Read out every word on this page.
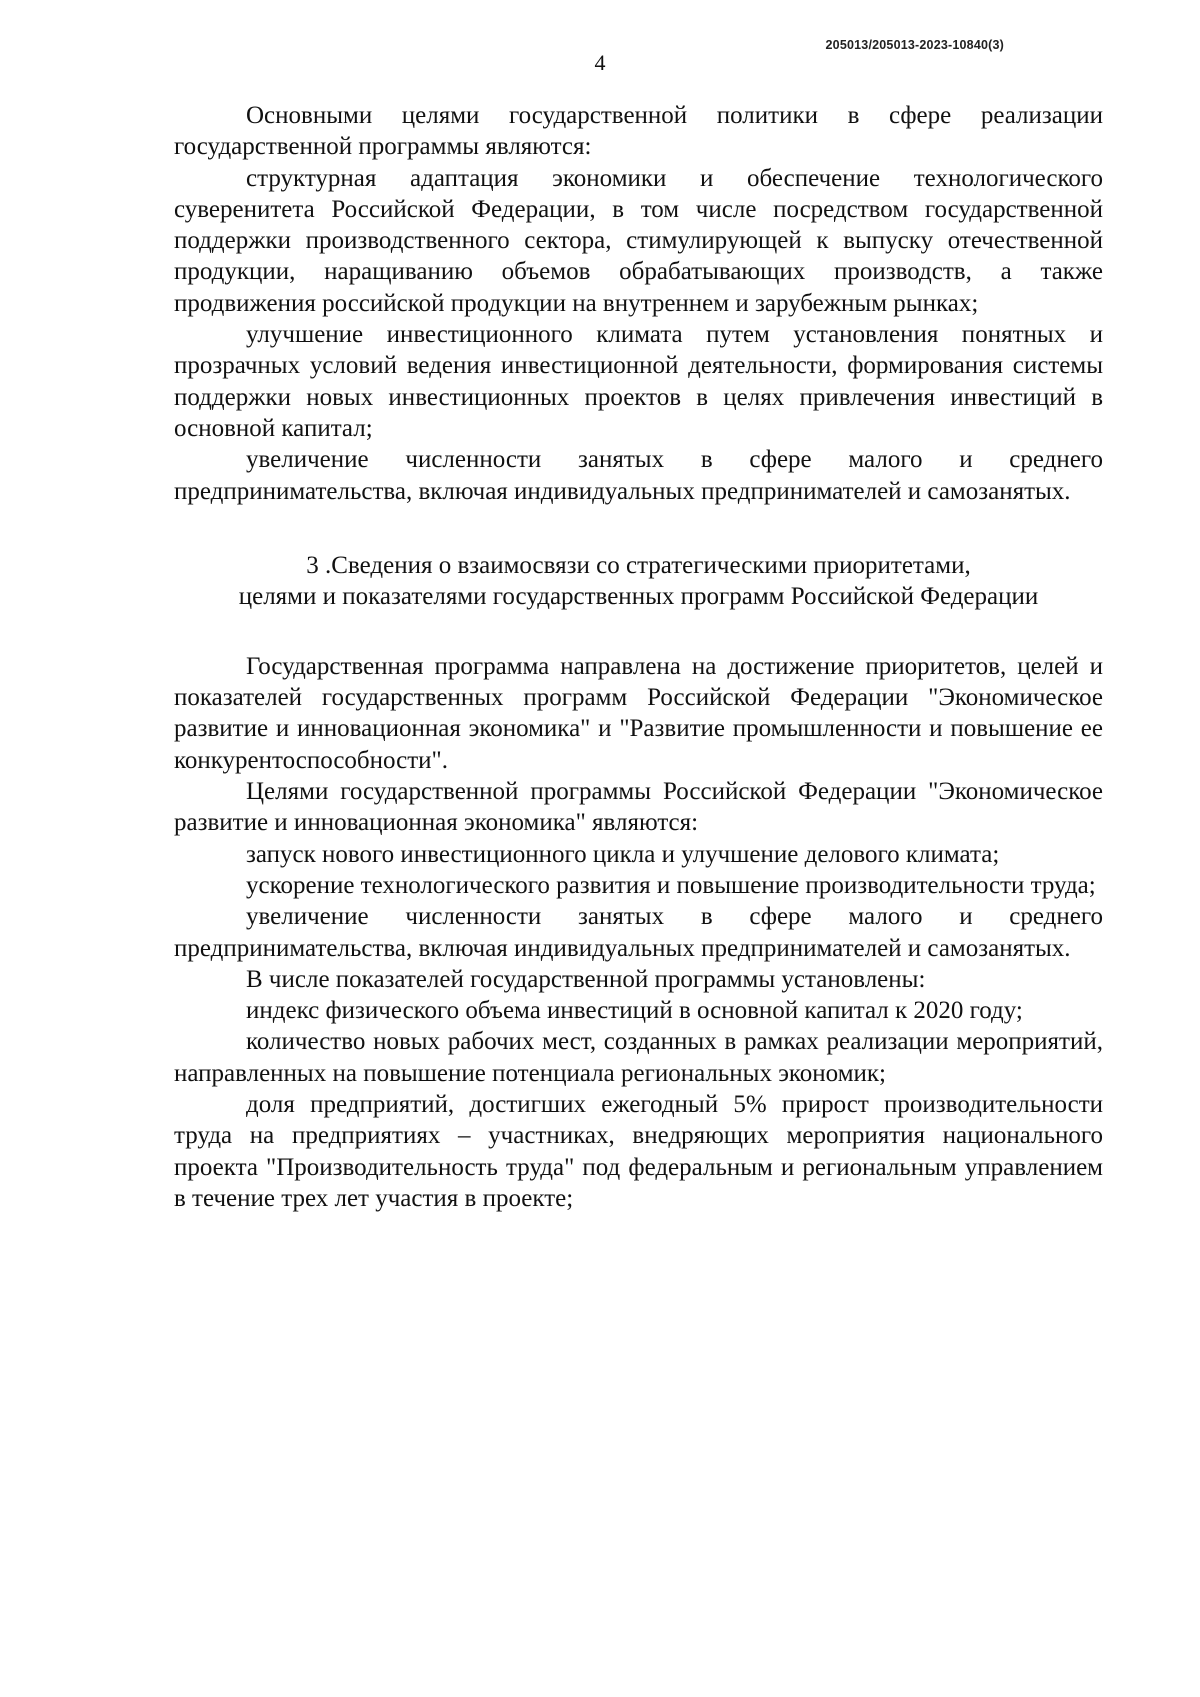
205013/205013-2023-10840(3)
4

Основными целями государственной политики в сфере реализации государственной программы являются:

структурная адаптация экономики и обеспечение технологического суверенитета Российской Федерации, в том числе посредством государственной поддержки производственного сектора, стимулирующей к выпуску отечественной продукции, наращиванию объемов обрабатывающих производств, а также продвижения российской продукции на внутреннем и зарубежным рынках;

улучшение инвестиционного климата путем установления понятных и прозрачных условий ведения инвестиционной деятельности, формирования системы поддержки новых инвестиционных проектов в целях привлечения инвестиций в основной капитал;

увеличение численности занятых в сфере малого и среднего предпринимательства, включая индивидуальных предпринимателей и самозанятых.

3 .Сведения о взаимосвязи со стратегическими приоритетами,
целями и показателями государственных программ Российской Федерации

Государственная программа направлена на достижение приоритетов, целей и показателей государственных программ Российской Федерации "Экономическое развитие и инновационная экономика" и "Развитие промышленности и повышение ее конкурентоспособности".

Целями государственной программы Российской Федерации "Экономическое развитие и инновационная экономика" являются:

запуск нового инвестиционного цикла и улучшение делового климата;

ускорение технологического развития и повышение производительности труда;

увеличение численности занятых в сфере малого и среднего предпринимательства, включая индивидуальных предпринимателей и самозанятых.

В числе показателей государственной программы установлены:

индекс физического объема инвестиций в основной капитал к 2020 году;

количество новых рабочих мест, созданных в рамках реализации мероприятий, направленных на повышение потенциала региональных экономик;

доля предприятий, достигших ежегодный 5% прирост производительности труда на предприятиях – участниках, внедряющих мероприятия национального проекта "Производительность труда" под федеральным и региональным управлением в течение трех лет участия в проекте;
